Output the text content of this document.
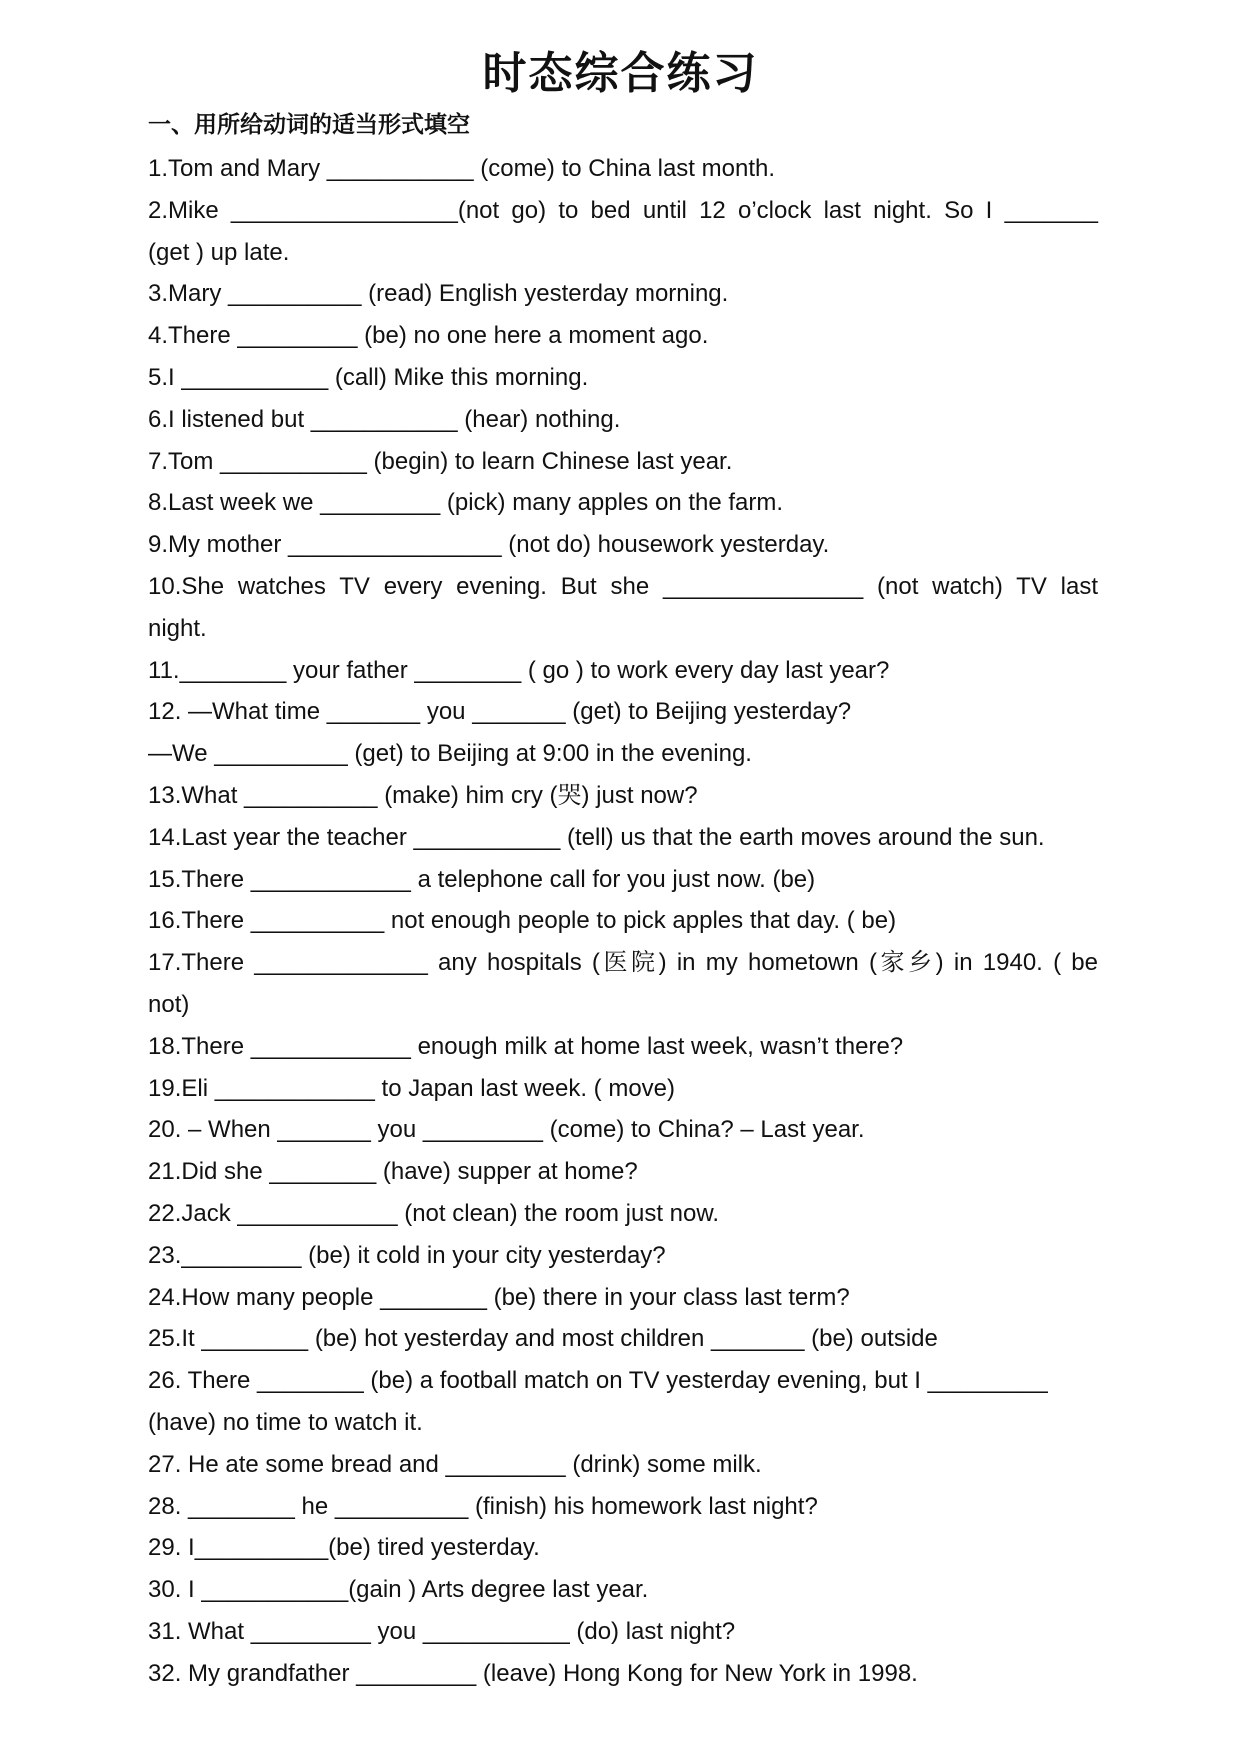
时态综合练习
一、用所给动词的适当形式填空
1.Tom and Mary ___________ (come) to China last month.
2.Mike _________________(not go) to bed until 12 o’clock last night. So I _______
(get ) up late.
3.Mary __________ (read) English yesterday morning.
4.There _________ (be) no one here a moment ago.
5.I ___________ (call) Mike this morning.
6.I listened but ___________ (hear) nothing.
7.Tom ___________ (begin) to learn Chinese last year.
8.Last week we _________ (pick) many apples on the farm.
9.My mother ________________ (not do) housework yesterday.
10.She watches TV every evening. But she _______________ (not watch) TV last
night.
11.________ your father ________ ( go ) to work every day last year?
12. —What time _______ you _______ (get) to Beijing yesterday?
—We __________ (get) to Beijing at 9:00 in the evening.
13.What __________ (make) him cry (哭) just now?
14.Last year the teacher ___________ (tell) us that the earth moves around the sun.
15.There ____________ a telephone call for you just now. (be)
16.There __________ not enough people to pick apples that day. ( be)
17.There _____________ any hospitals (医院) in my hometown (家乡) in 1940. ( be
not)
18.There ____________ enough milk at home last week, wasn’t there?
19.Eli ____________ to Japan last week. ( move)
20. – When _______ you _________ (come) to China? – Last year.
21.Did she ________ (have) supper at home?
22.Jack ____________ (not clean) the room just now.
23._________ (be) it cold in your city yesterday?
24.How many people ________ (be) there in your class last term?
25.It ________ (be) hot yesterday and most children _______ (be) outside
26. There ________ (be) a football match on TV yesterday evening, but I _________
(have) no time to watch it.
27. He ate some bread and _________ (drink) some milk.
28. ________ he __________ (finish) his homework last night?
29. I__________(be) tired yesterday.
30. I ___________(gain ) Arts degree last year.
31. What _________ you ___________ (do) last night?
32. My grandfather _________ (leave) Hong Kong for New York in 1998.
